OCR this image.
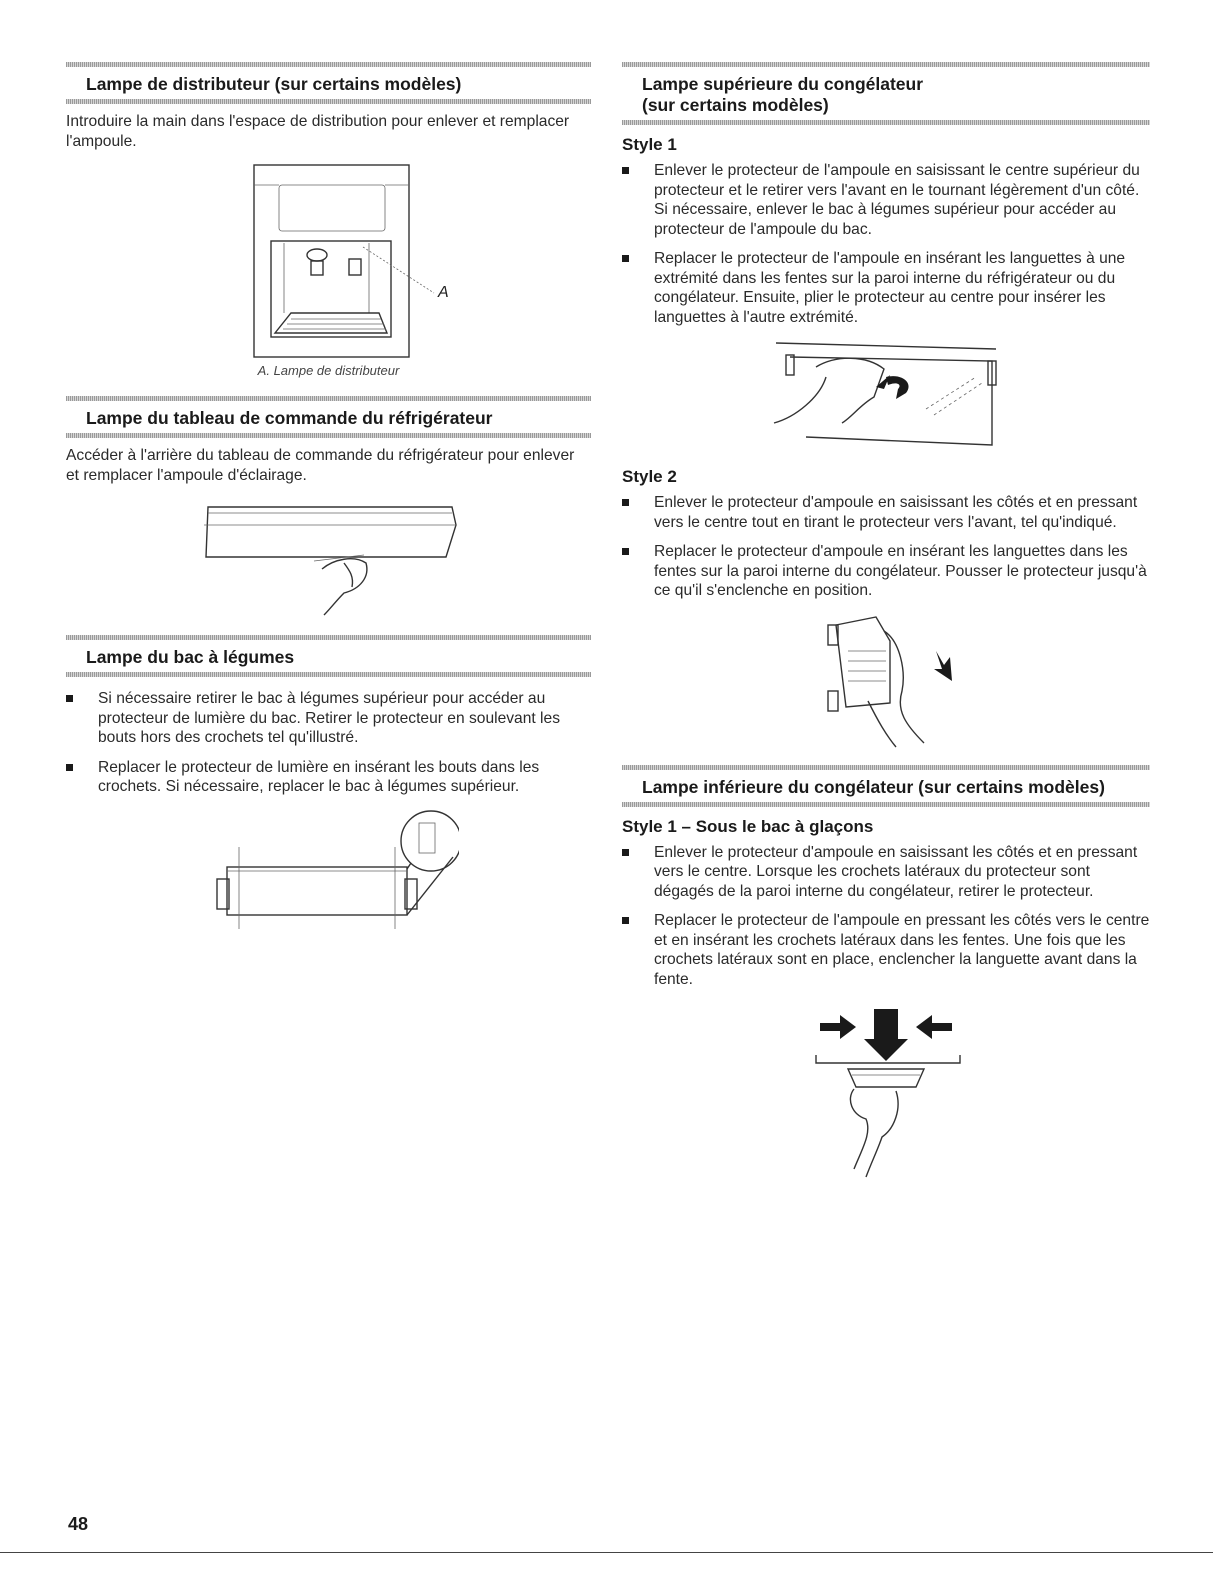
Lampe de distributeur (sur certains modèles)

Introduire la main dans l'espace de distribution pour enlever et remplacer l'ampoule.

A

A. Lampe de distributeur

Lampe du tableau de commande du réfrigérateur

Accéder à l'arrière du tableau de commande du réfrigérateur pour enlever et remplacer l'ampoule d'éclairage.

Lampe du bac à légumes
Si nécessaire retirer le bac à légumes supérieur pour accéder au protecteur de lumière du bac. Retirer le protecteur en soulevant les bouts hors des crochets tel qu'illustré.
Replacer le protecteur de lumière en insérant les bouts dans les crochets. Si nécessaire, replacer le bac à légumes supérieur.
Lampe supérieure du congélateur
(sur certains modèles)
Style 1
Enlever le protecteur de l'ampoule en saisissant le centre supérieur du protecteur et le retirer vers l'avant en le tournant légèrement d'un côté. Si nécessaire, enlever le bac à légumes supérieur pour accéder au protecteur de l'ampoule du bac.
Replacer le protecteur de l'ampoule en insérant les languettes à une extrémité dans les fentes sur la paroi interne du réfrigérateur ou du congélateur. Ensuite, plier le protecteur au centre pour insérer les languettes à l'autre extrémité.
Style 2
Enlever le protecteur d'ampoule en saisissant les côtés et en pressant vers le centre tout en tirant le protecteur vers l'avant, tel qu'indiqué.
Replacer le protecteur d'ampoule en insérant les languettes dans les fentes sur la paroi interne du congélateur. Pousser le protecteur jusqu'à ce qu'il s'enclenche en position.
Lampe inférieure du congélateur (sur certains modèles)
Style 1 – Sous le bac à glaçons
Enlever le protecteur d'ampoule en saisissant les côtés et en pressant vers le centre. Lorsque les crochets latéraux du protecteur sont dégagés de la paroi interne du congélateur, retirer le protecteur.
Replacer le protecteur de l'ampoule en pressant les côtés vers le centre et en insérant les crochets latéraux dans les fentes. Une fois que les crochets latéraux sont en place, enclencher la languette avant dans la fente.
48
